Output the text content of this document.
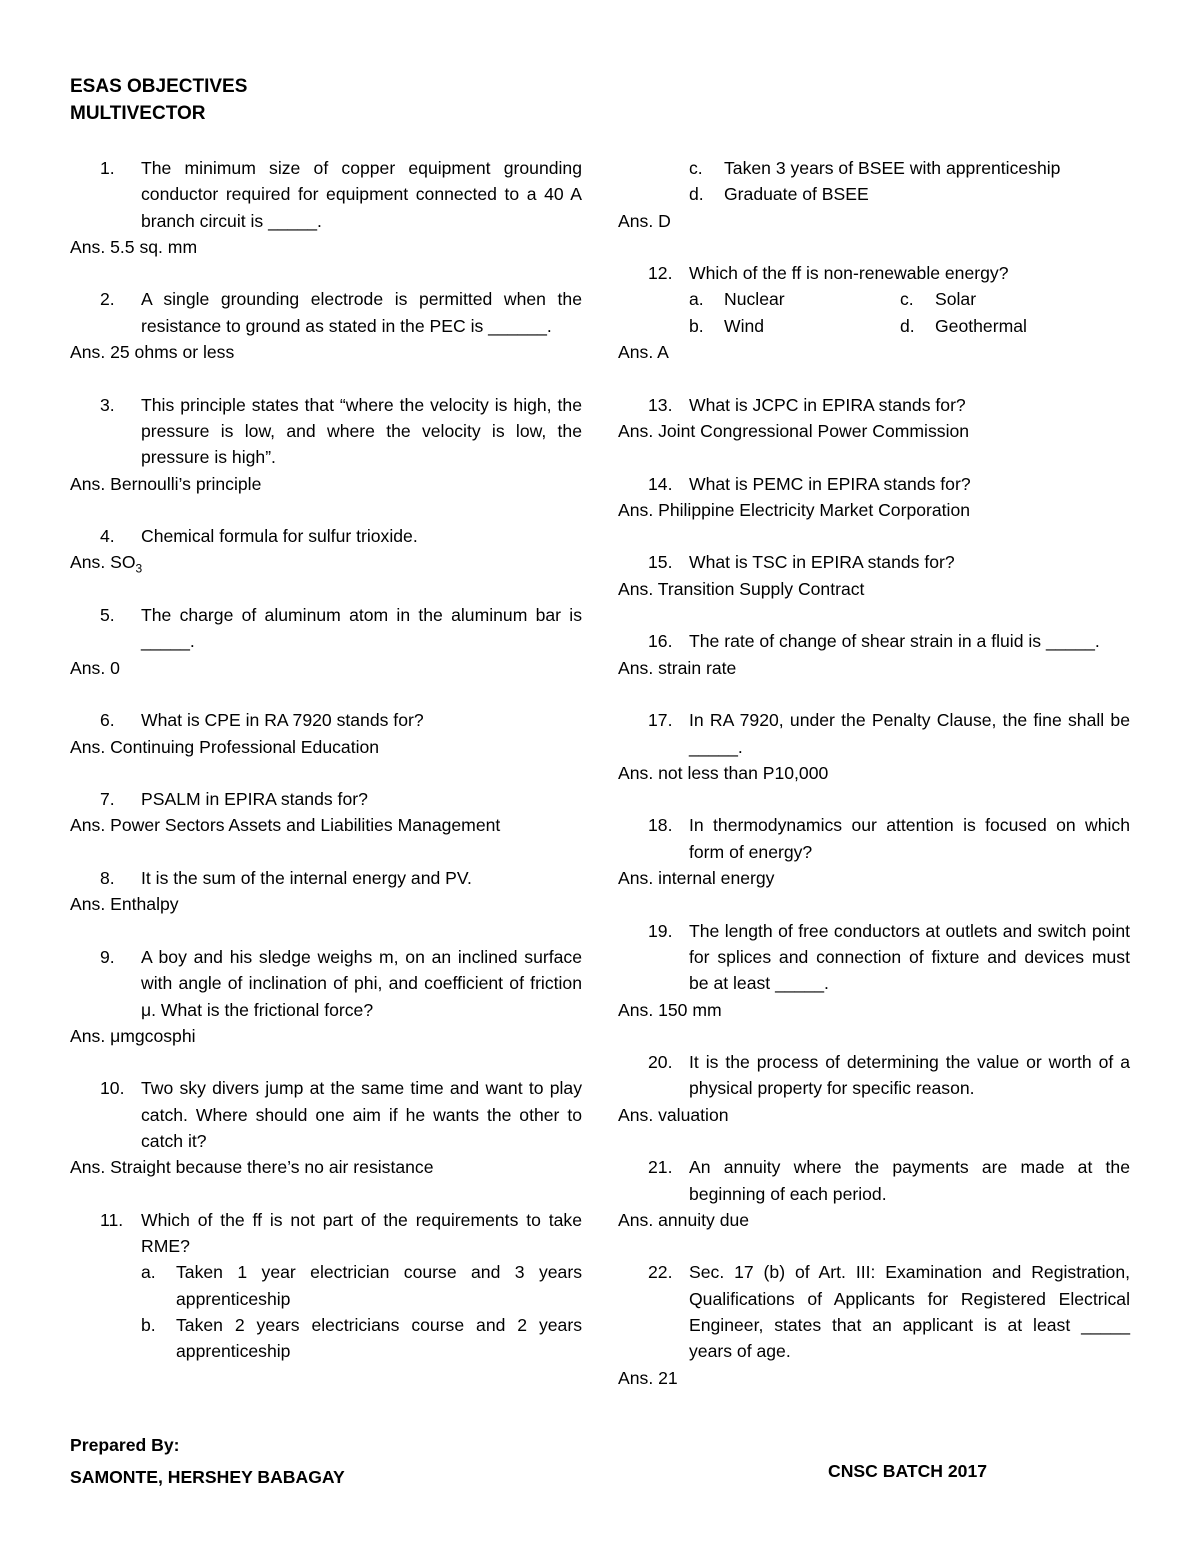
ESAS OBJECTIVES
MULTIVECTOR
1.	The minimum size of copper equipment grounding conductor required for equipment connected to a 40 A branch circuit is _____.
Ans. 5.5 sq. mm
2.	A single grounding electrode is permitted when the resistance to ground as stated in the PEC is ______.
Ans. 25 ohms or less
3.	This principle states that “where the velocity is high, the pressure is low, and where the velocity is low, the pressure is high”.
Ans. Bernoulli’s principle
4.	Chemical formula for sulfur trioxide.
Ans. $SO_3$
5.	The charge of aluminum atom in the aluminum bar is _____.
Ans. 0
6.	What is CPE in RA 7920 stands for?
Ans. Continuing Professional Education
7.	PSALM in EPIRA stands for?
Ans. Power Sectors Assets and Liabilities Management
8.	It is the sum of the internal energy and PV.
Ans. Enthalpy
9.	A boy and his sledge weighs m, on an inclined surface with angle of inclination of phi, and coefficient of friction μ. What is the frictional force?
Ans. μmgcosphi
10. Two sky divers jump at the same time and want to play catch. Where should one aim if he wants the other to catch it?
Ans. Straight because there’s no air resistance
11.	Which of the ff is not part of the requirements to take RME?
a. Taken 1 year electrician course and 3 years apprenticeship
b. Taken 2 years electricians course and 2 years apprenticeship
c. Taken 3 years of BSEE with apprenticeship
d. Graduate of BSEE
Ans. D
12. Which of the ff is non-renewable energy?
a. Nuclear	c. Solar
b. Wind	d. Geothermal
Ans. A
13. What is JCPC in EPIRA stands for?
Ans. Joint Congressional Power Commission
14. What is PEMC in EPIRA stands for?
Ans. Philippine Electricity Market Corporation
15. What is TSC in EPIRA stands for?
Ans. Transition Supply Contract
16. The rate of change of shear strain in a fluid is _____.
Ans. strain rate
17. In RA 7920, under the Penalty Clause, the fine shall be _____.
Ans. not less than P10,000
18. In thermodynamics our attention is focused on which form of energy?
Ans. internal energy
19. The length of free conductors at outlets and switch point for splices and connection of fixture and devices must be at least _____.
Ans. 150 mm
20. It is the process of determining the value or worth of a physical property for specific reason.
Ans. valuation
21. An annuity where the payments are made at the beginning of each period.
Ans. annuity due
22. Sec. 17 (b) of Art. III: Examination and Registration, Qualifications of Applicants for Registered Electrical Engineer, states that an applicant is at least _____ years of age.
Ans. 21
Prepared By:
SAMONTE, HERSHEY BABAGAY	CNSC BATCH 2017
